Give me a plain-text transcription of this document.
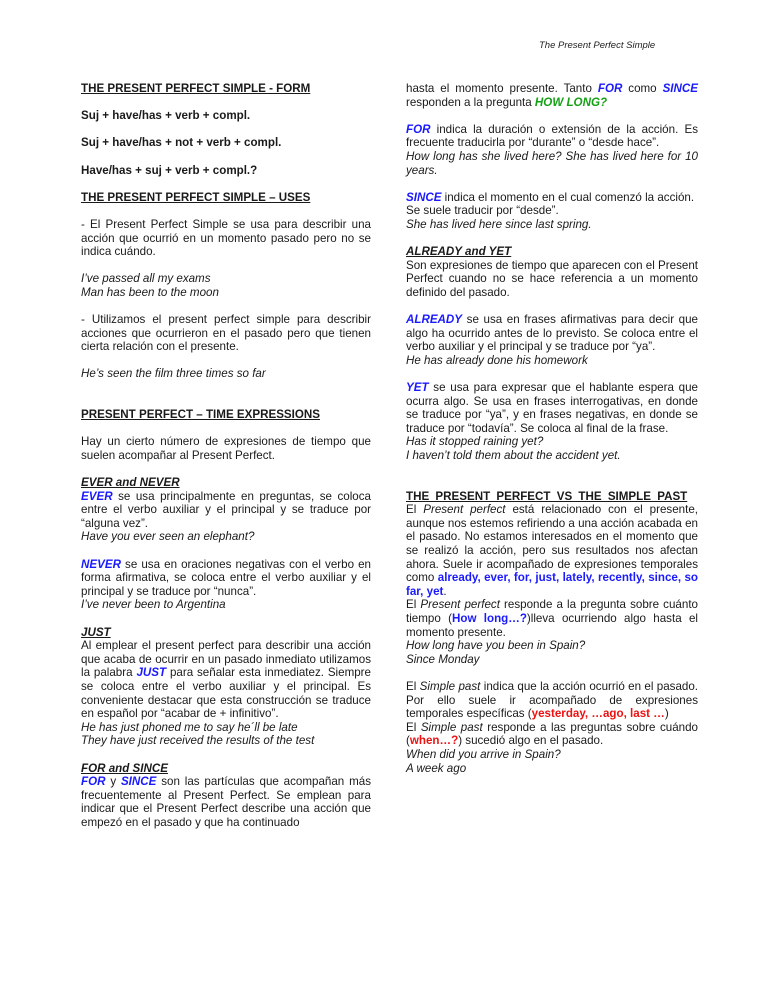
The Present Perfect Simple
THE PRESENT PERFECT SIMPLE - FORM
Suj + have/has + verb + compl.
Suj + have/has + not + verb + compl.
Have/has + suj + verb + compl.?
THE PRESENT PERFECT SIMPLE – USES
- El Present Perfect Simple se usa para describir una acción que ocurrió en un momento pasado pero no se indica cuándo.
I’ve passed all my exams
Man has been to the moon
- Utilizamos el present perfect simple para describir acciones que ocurrieron en el pasado pero que tienen cierta relación con el presente.
He’s seen the film three times so far
PRESENT PERFECT – TIME EXPRESSIONS
Hay un cierto número de expresiones de tiempo que suelen acompañar al Present Perfect.
EVER and NEVER
EVER se usa principalmente en preguntas, se coloca entre el verbo auxiliar y el principal y se traduce por “alguna vez”.
Have you ever seen an elephant?
NEVER se usa en oraciones negativas con el verbo en forma afirmativa, se coloca entre el verbo auxiliar y el principal y se traduce por “nunca”.
I’ve never been to Argentina
JUST
Al emplear el present perfect para describir una acción que acaba de ocurrir en un pasado inmediato utilizamos la palabra JUST para señalar esta inmediatez. Siempre se coloca entre el verbo auxiliar y el principal. Es conveniente destacar que esta construcción se traduce en español por “acabar de + infinitivo”.
He has just phoned me to say he´ll be late
They have just received the results of the test
FOR and SINCE
FOR y SINCE son las partículas que acompañan más frecuentemente al Present Perfect. Se emplean para indicar que el Present Perfect describe una acción que empezó en el pasado y que ha continuado
hasta el momento presente. Tanto FOR como SINCE responden a la pregunta HOW LONG?
FOR indica la duración o extensión de la acción. Es frecuente traducirla por “durante” o “desde hace”.
How long has she lived here? She has lived here for 10 years.
SINCE indica el momento en el cual comenzó la acción. Se suele traducir por “desde”.
She has lived here since last spring.
ALREADY and YET
Son expresiones de tiempo que aparecen con el Present Perfect cuando no se hace referencia a un momento definido del pasado.
ALREADY se usa en frases afirmativas para decir que algo ha ocurrido antes de lo previsto. Se coloca entre el verbo auxiliar y el principal y se traduce por “ya”.
He has already done his homework
YET se usa para expresar que el hablante espera que ocurra algo. Se usa en frases interrogativas, en donde se traduce por “ya”, y en frases negativas, en donde se traduce por “todavía”. Se coloca al final de la frase.
Has it stopped raining yet?
I haven’t told them about the accident yet.
THE PRESENT PERFECT VS THE SIMPLE PAST
El Present perfect está relacionado con el presente, aunque nos estemos refiriendo a una acción acabada en el pasado. No estamos interesados en el momento que se realizó la acción, pero sus resultados nos afectan ahora. Suele ir acompañado de expresiones temporales como already, ever, for, just, lately, recently, since, so far, yet.
El Present perfect responde a la pregunta sobre cuánto tiempo (How long…?)lleva ocurriendo algo hasta el momento presente.
How long have you been in Spain?
Since Monday
El Simple past indica que la acción ocurrió en el pasado. Por ello suele ir acompañado de expresiones temporales específicas (yesterday, …ago, last …)
El Simple past responde a las preguntas sobre cuándo (when…?) sucedió algo en el pasado.
When did you arrive in Spain?
A week ago
